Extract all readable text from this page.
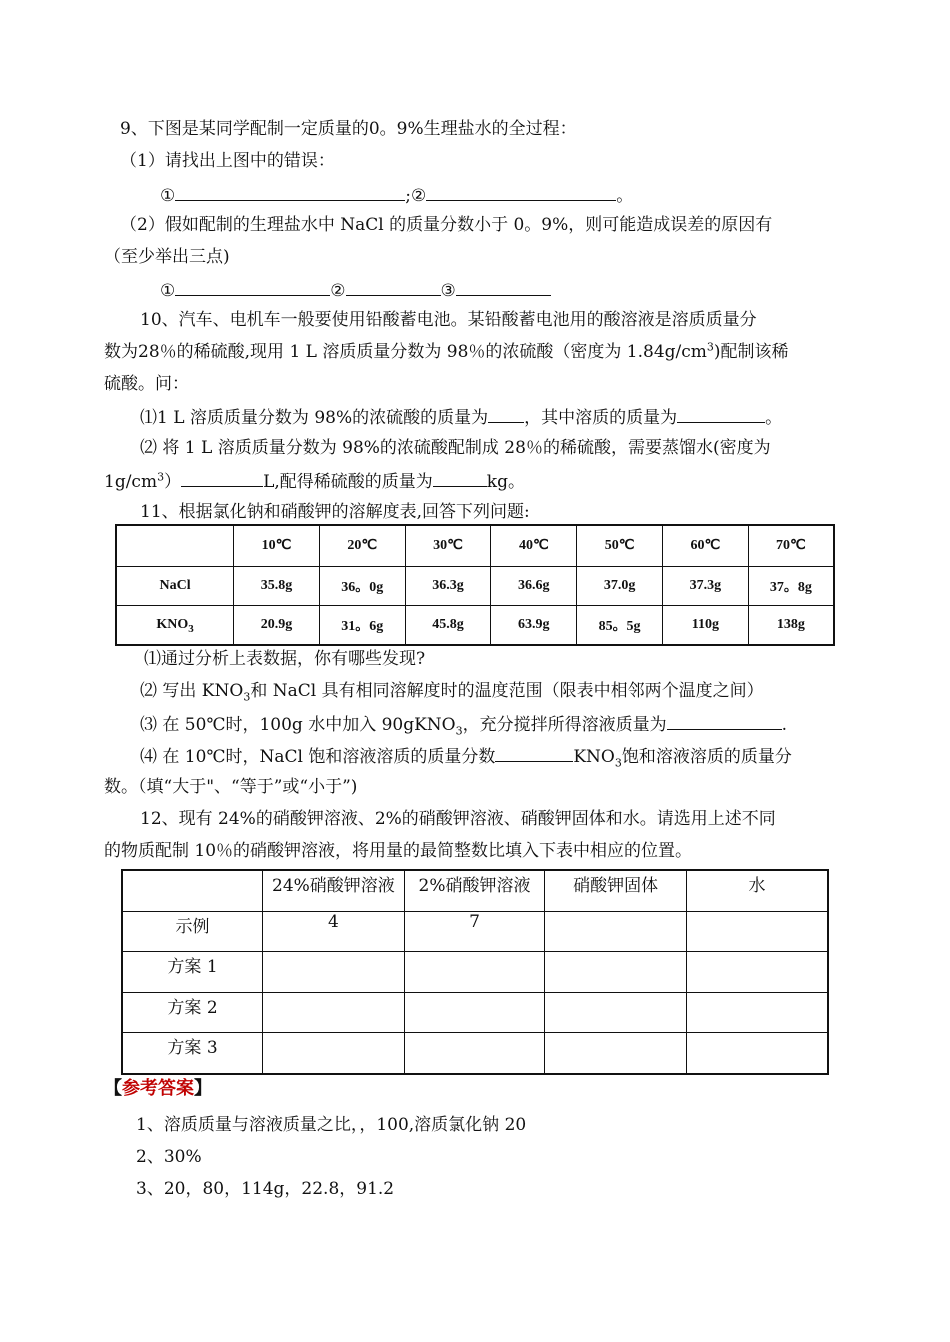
9、下图是某同学配制一定质量的0。9%生理盐水的全过程：
（1）请找出上图中的错误：
①	;②	。
（2）假如配制的生理盐水中 NaCl 的质量分数小于 0。9%，则可能造成误差的原因有
（至少举出三点)
①	②	③
10、汽车、电机车一般要使用铅酸蓄电池。某铅酸蓄电池用的酸溶液是溶质质量分
数为28％的稀硫酸,现用 1 L 溶质质量分数为 98％的浓硫酸（密度为 $1.84g/cm^3$)配制该稀
硫酸。问：
⑴1 L 溶质质量分数为 98%的浓硫酸的质量为 ，其中溶质的质量为	。
⑵ 将 1 L 溶质质量分数为 98%的浓硫酸配制成 28％的稀硫酸，需要蒸馏水(密度为
$1g/cm^3$）	L,配得稀硫酸的质量为	kg。
11、根据氯化钠和硝酸钾的溶解度表,回答下列问题:
	10℃	20℃	30℃	40℃	50℃	60℃	70℃
NaCl	35.8g	36。0g	36.3g	36.6g	37.0g	37.3g	37。8g
$KNO_3$	20.9g	31。6g	45.8g	63.9g	85。5g	110g	138g
⑴通过分析上表数据，你有哪些发现?
⑵ 写出 $KNO_3$和 NaCl 具有相同溶解度时的温度范围（限表中相邻两个温度之间）
⑶ 在 50℃时，100g 水中加入 90gKNO$_3$，充分搅拌所得溶液质量为	.
⑷ 在 10℃时，NaCl 饱和溶液溶质的质量分数	$KNO_3$饱和溶液溶质的质量分
数。（填“大于"、“等于”或“小于”)
12、现有 24%的硝酸钾溶液、2%的硝酸钾溶液、硝酸钾固体和水。请选用上述不同
的物质配制 10％的硝酸钾溶液，将用量的最简整数比填入下表中相应的位置。
	24%硝酸钾溶液	2%硝酸钾溶液	硝酸钾固体	水
示例	4	7		
方案 1				
方案 2				
方案 3				
【参考答案】
1、溶质质量与溶液质量之比，，100,溶质氯化钠 20
2、30%
3、20，80，114g，22.8，91.2
